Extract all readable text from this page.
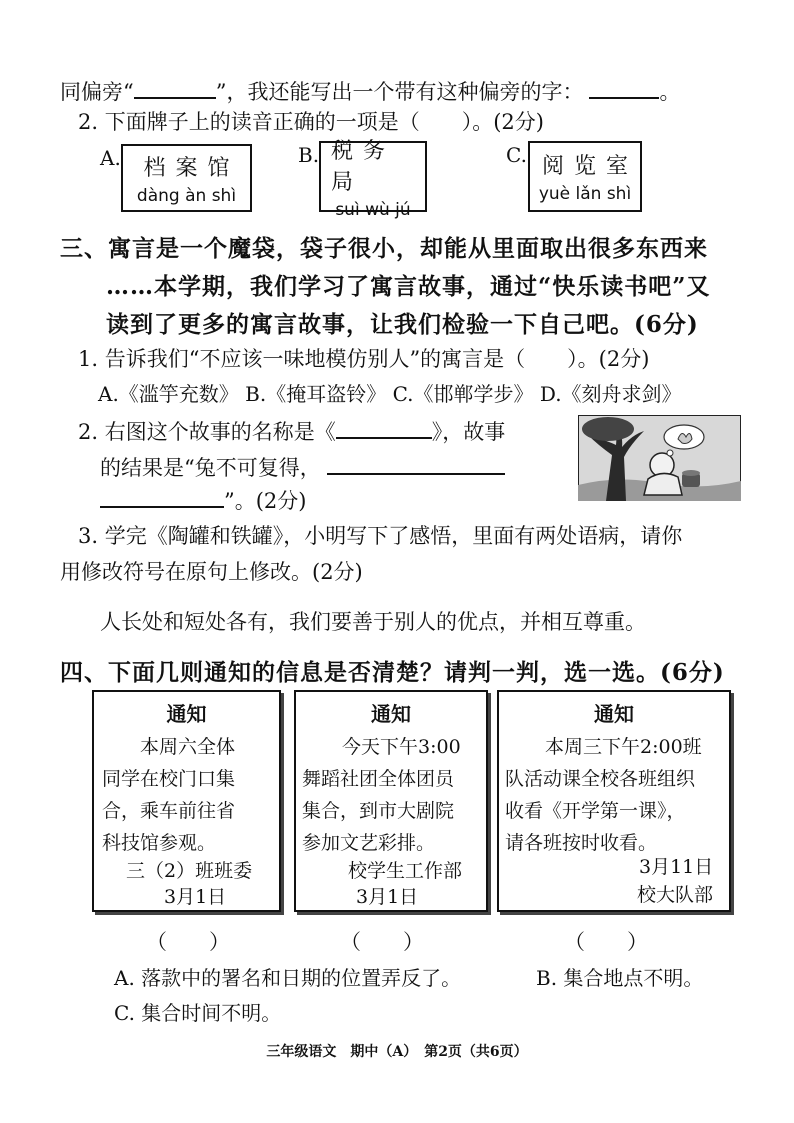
同偏旁“	”，我还能写出一个带有这种偏旁的字：	。
2. 下面牌子上的读音正确的一项是（　　）。(2分)
A.	档案馆
dàng àn shì
B. 税务局
suì wù jú
C. 阅览室
yuè lǎn shì
三、寓言是一个魔袋，袋子很小，却能从里面取出很多东西来
……本学期，我们学习了寓言故事，通过“快乐读书吧”又
读到了更多的寓言故事，让我们检验一下自己吧。(6分)
1. 告诉我们“不应该一味地模仿别人”的寓言是（　　）。(2分)
A.《滥竽充数》 B.《掩耳盗铃》 C.《邯郸学步》 D.《刻舟求剑》
2. 右图这个故事的名称是《	》，故事
的结果是“兔不可复得，
”。(2分)
3. 学完《陶罐和铁罐》，小明写下了感悟，里面有两处语病，请你
用修改符号在原句上修改。(2分)
人长处和短处各有，我们要善于别人的优点，并相互尊重。
四、下面几则通知的信息是否清楚？请判一判，选一选。(6分)
通知
本周六全体
同学在校门口集
合，乘车前往省
科技馆参观。
三（2）班班委
3月1日
通知
今天下午3:00
舞蹈社团全体团员
集合，到市大剧院
参加文艺彩排。
校学生工作部
3月1日
通知
本周三下午2:00班
队活动课全校各班组织
收看《开学第一课》，
请各班按时收看。
3月11日
校大队部
（　　）	（　　）	（　　）
A. 落款中的署名和日期的位置弄反了。	B. 集合地点不明。
C. 集合时间不明。
三年级语文　期中（A）　第2页（共6页）
